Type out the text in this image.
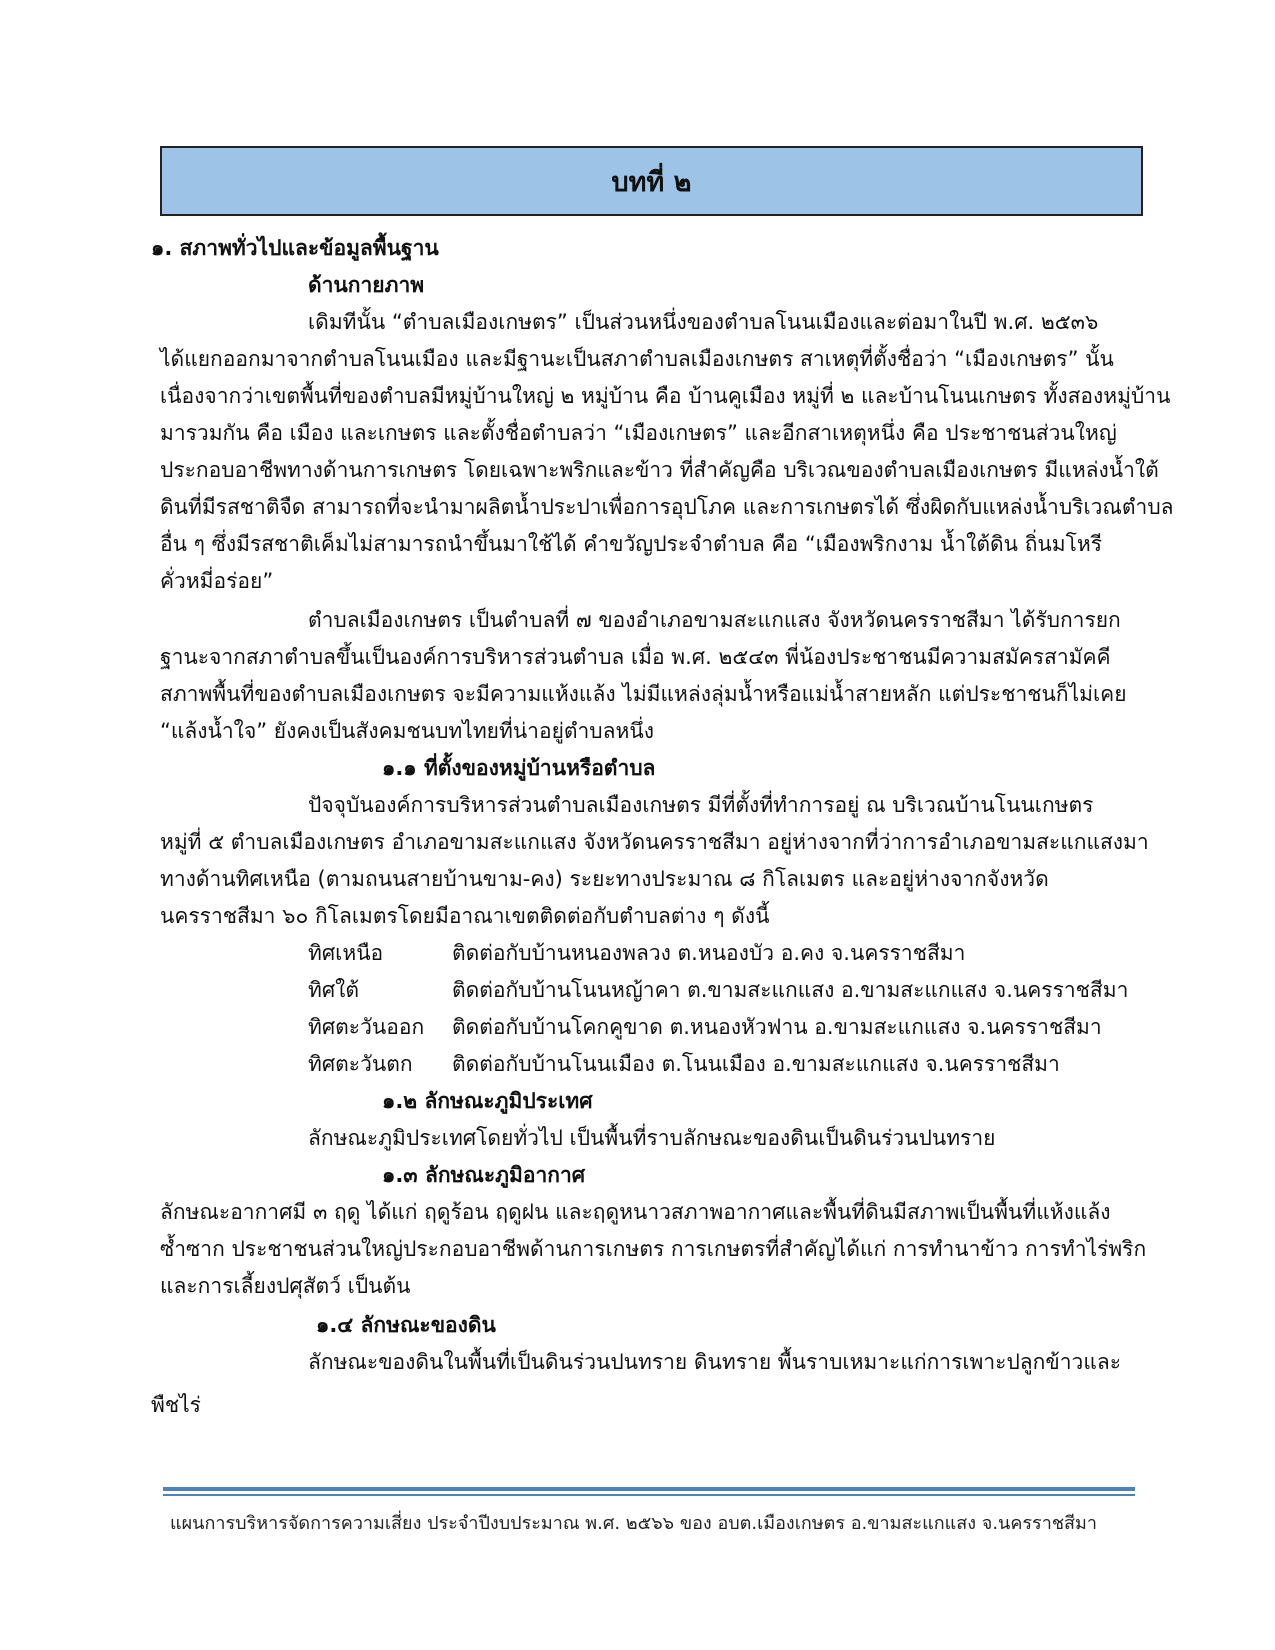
บทที่ ๒
๑. สภาพทั่วไปและข้อมูลพื้นฐาน
ด้านกายภาพ
เดิมทีนั้น “ตำบลเมืองเกษตร” เป็นส่วนหนึ่งของตำบลโนนเมืองและต่อมาในปี พ.ศ. ๒๕๓๖
ได้แยกออกมาจากตำบลโนนเมือง และมีฐานะเป็นสภาตำบลเมืองเกษตร สาเหตุที่ตั้งชื่อว่า “เมืองเกษตร” นั้น
เนื่องจากว่าเขตพื้นที่ของตำบลมีหมู่บ้านใหญ่ ๒ หมู่บ้าน คือ บ้านคูเมือง หมู่ที่ ๒ และบ้านโนนเกษตร ทั้งสองหมู่บ้าน
มารวมกัน คือ เมือง และเกษตร และตั้งชื่อตำบลว่า “เมืองเกษตร” และอีกสาเหตุหนึ่ง คือ ประชาชนส่วนใหญ่
ประกอบอาชีพทางด้านการเกษตร โดยเฉพาะพริกและข้าว ที่สำคัญคือ บริเวณของตำบลเมืองเกษตร มีแหล่งน้ำใต้
ดินที่มีรสชาติจืด สามารถที่จะนำมาผลิตน้ำประปาเพื่อการอุปโภค และการเกษตรได้ ซึ่งผิดกับแหล่งน้ำบริเวณตำบล
อื่น ๆ ซึ่งมีรสชาติเค็มไม่สามารถนำขึ้นมาใช้ได้ คำขวัญประจำตำบล คือ “เมืองพริกงาม น้ำใต้ดิน ถิ่นมโหรี
คั่วหมี่อร่อย”
ตำบลเมืองเกษตร เป็นตำบลที่ ๗ ของอำเภอขามสะแกแสง จังหวัดนครราชสีมา ได้รับการยก
ฐานะจากสภาตำบลขึ้นเป็นองค์การบริหารส่วนตำบล เมื่อ พ.ศ. ๒๕๔๓ พี่น้องประชาชนมีความสมัครสามัคคี
สภาพพื้นที่ของตำบลเมืองเกษตร จะมีความแห้งแล้ง ไม่มีแหล่งลุ่มน้ำหรือแม่น้ำสายหลัก แต่ประชาชนก็ไม่เคย
“แล้งน้ำใจ” ยังคงเป็นสังคมชนบทไทยที่น่าอยู่ตำบลหนึ่ง
๑.๑ ที่ตั้งของหมู่บ้านหรือตำบล
ปัจจุบันองค์การบริหารส่วนตำบลเมืองเกษตร มีที่ตั้งที่ทำการอยู่ ณ บริเวณบ้านโนนเกษตร
หมู่ที่ ๕ ตำบลเมืองเกษตร อำเภอขามสะแกแสง จังหวัดนครราชสีมา อยู่ห่างจากที่ว่าการอำเภอขามสะแกแสงมา
ทางด้านทิศเหนือ (ตามถนนสายบ้านขาม-คง) ระยะทางประมาณ ๘ กิโลเมตร และอยู่ห่างจากจังหวัด
นครราชสีมา ๖๐ กิโลเมตรโดยมีอาณาเขตติดต่อกับตำบลต่าง ๆ ดังนี้
ทิศเหนือ	ติดต่อกับบ้านหนองพลวง ต.หนองบัว อ.คง จ.นครราชสีมา
ทิศใต้	ติดต่อกับบ้านโนนหญ้าคา ต.ขามสะแกแสง อ.ขามสะแกแสง จ.นครราชสีมา
ทิศตะวันออก ติดต่อกับบ้านโคกคูขาด ต.หนองหัวฟาน อ.ขามสะแกแสง จ.นครราชสีมา
ทิศตะวันตก ติดต่อกับบ้านโนนเมือง ต.โนนเมือง อ.ขามสะแกแสง จ.นครราชสีมา
๑.๒ ลักษณะภูมิประเทศ
ลักษณะภูมิประเทศโดยทั่วไป เป็นพื้นที่ราบลักษณะของดินเป็นดินร่วนปนทราย
๑.๓ ลักษณะภูมิอากาศ
ลักษณะอากาศมี ๓ ฤดู ได้แก่ ฤดูร้อน ฤดูฝน และฤดูหนาวสภาพอากาศและพื้นที่ดินมีสภาพเป็นพื้นที่แห้งแล้ง
ซ้ำซาก ประชาชนส่วนใหญ่ประกอบอาชีพด้านการเกษตร การเกษตรที่สำคัญได้แก่ การทำนาข้าว การทำไร่พริก
และการเลี้ยงปศุสัตว์ เป็นต้น
๑.๔ ลักษณะของดิน
ลักษณะของดินในพื้นที่เป็นดินร่วนปนทราย ดินทราย พื้นราบเหมาะแก่การเพาะปลูกข้าวและ
พืชไร่
แผนการบริหารจัดการความเสี่ยง ประจำปีงบประมาณ พ.ศ. ๒๕๖๖ ของ อบต.เมืองเกษตร อ.ขามสะแกแสง จ.นครราชสีมา
